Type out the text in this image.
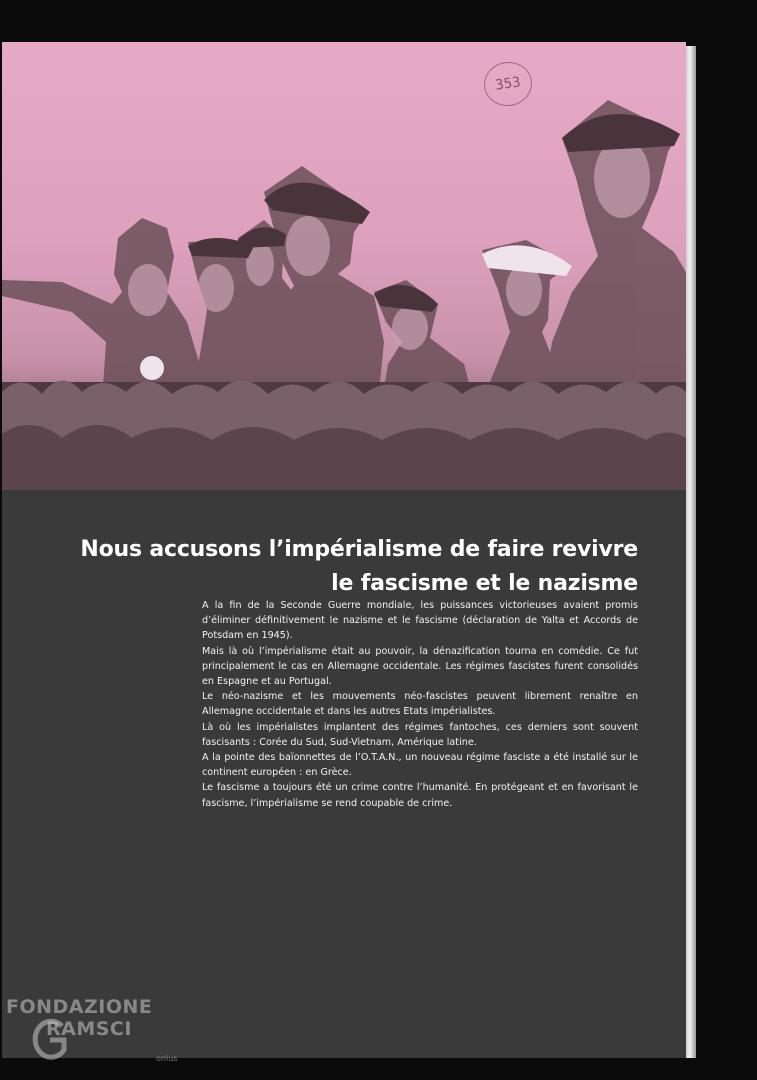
353
Nous accusons l’impérialisme de faire revivre
le fascisme et le nazisme

A la fin de la Seconde Guerre mondiale, les puissances victorieuses avaient promis d’éliminer définitivement le nazisme et le fascisme (déclaration de Yalta et Accords de Potsdam en 1945).

Mais là où l’impérialisme était au pouvoir, la dénazification tourna en comédie. Ce fut principalement le cas en Allemagne occidentale. Les régimes fascistes furent consolidés en Espagne et au Portugal.

Le néo-nazisme et les mouvements néo-fascistes peuvent librement renaître en Allemagne occidentale et dans les autres Etats impérialistes.

Là où les impérialistes implantent des régimes fantoches, ces derniers sont souvent fascisants : Corée du Sud, Sud-Vietnam, Amérique latine.

A la pointe des baïonnettes de l’O.T.A.N., un nouveau régime fasciste a été installé sur le continent européen : en Grèce.

Le fascisme a toujours été un crime contre l’humanité. En protégeant et en favorisant le fascisme, l’impérialisme se rend coupable de crime.

FONDAZIONE
RAMSCI
onlus
